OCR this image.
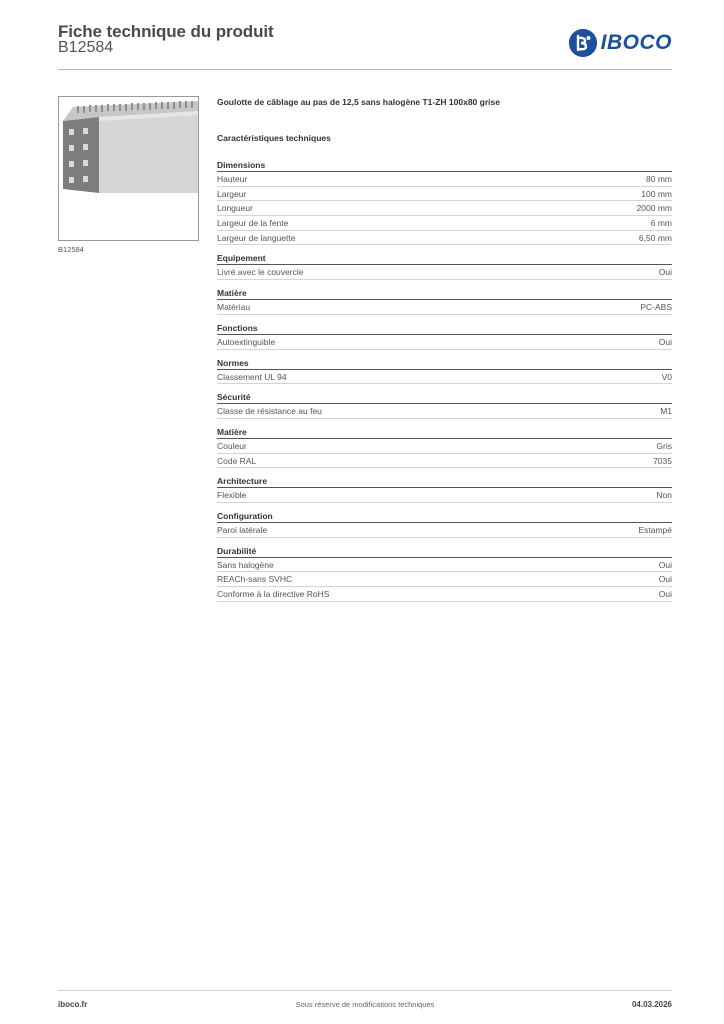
Fiche technique du produit
B12584	IBOCO
B12584
Goulotte de câblage au pas de 12,5 sans halogène T1-ZH 100x80 grise
Caractéristiques techniques
Dimensions
Hauteur	80 mm
Largeur	100 mm
Longueur	2000 mm
Largeur de la fente	6 mm
Largeur de languette	6,50 mm
Equipement
Livré avec le couvercle	Oui
Matière
Matériau	PC-ABS
Fonctions
Autoextinguible	Oui
Normes
Classement UL 94	V0
Sécurité
Classe de résistance au feu	M1
Matière
Couleur	Gris
Code RAL	7035
Architecture
Flexible	Non
Configuration
Paroi latérale	Estampé
Durabilité
Sans halogène	Oui
REACh-sans SVHC	Oui
Conforme à la directive RoHS	Oui
iboco.fr	Sous réserve de modifications techniques	04.03.2026
